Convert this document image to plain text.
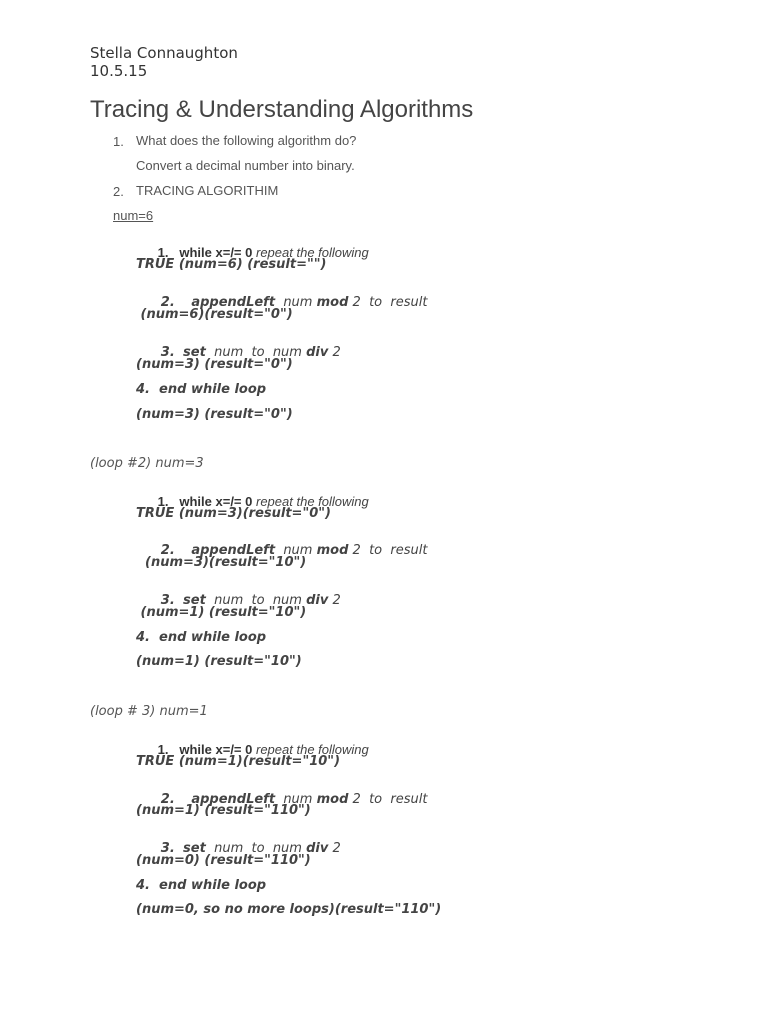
Stella Connaughton
10.5.15
Tracing & Understanding Algorithms
1. What does the following algorithm do?
Convert a decimal number into binary.
2. TRACING ALGORITHIM
num=6

1. while x=/= 0 repeat the following

TRUE (num=6) (result="")

2. appendLeft num mod 2  to  result

(num=6)(result="0")

3. set num  to  num div 2

(num=3) (result="0")
4.  end while loop
(num=3) (result="0")
(loop #2) num=3

1. while x=/= 0 repeat the following

TRUE (num=3)(result="0")

2. appendLeft num mod 2  to  result

(num=3)(result="10")

3. set num  to  num div 2

(num=1) (result="10")
4.  end while loop
(num=1) (result="10")
(loop # 3) num=1

1. while x=/= 0 repeat the following

TRUE (num=1)(result="10")

2. appendLeft num mod 2  to  result

(num=1) (result="110")

3. set num  to  num div 2

(num=0) (result="110")
4.  end while loop
(num=0, so no more loops)(result="110")
